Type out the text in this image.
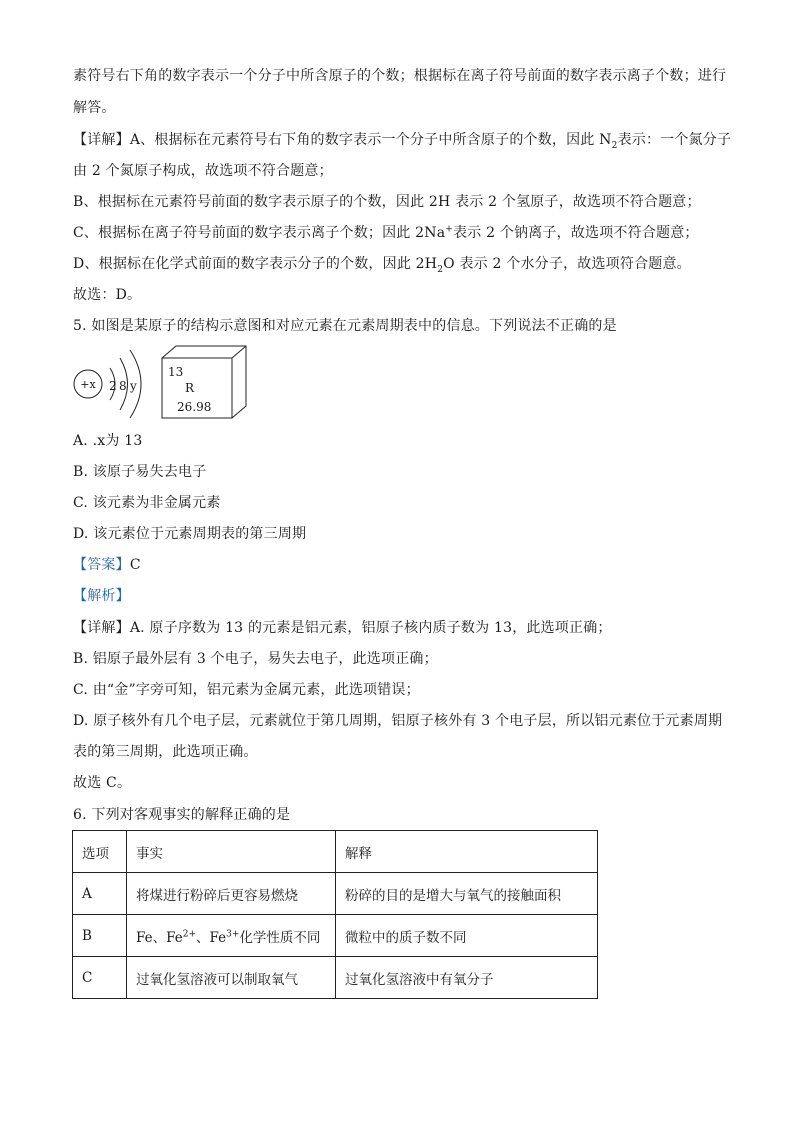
素符号右下角的数字表示一个分子中所含原子的个数；根据标在离子符号前面的数字表示离子个数；进行
解答。
【详解】A、根据标在元素符号右下角的数字表示一个分子中所含原子的个数，因此 $N_2$表示：一个氮分子
由 2 个氮原子构成，故选项不符合题意；
B、根据标在元素符号前面的数字表示原子的个数，因此 2H 表示 2 个氢原子，故选项不符合题意；
C、根据标在离子符号前面的数字表示离子个数；因此 2Na+表示 2 个钠离子，故选项不符合题意；
D、根据标在化学式前面的数字表示分子的个数，因此 $2H_2O$ 表示 2 个水分子，故选项符合题意。
故选：D。
5. 如图是某原子的结构示意图和对应元素在元素周期表中的信息。下列说法不正确的是
+x 2 8 y
13
R
26.98
A. .x为 13
B. 该原子易失去电子
C. 该元素为非金属元素
D. 该元素位于元素周期表的第三周期
【答案】C
【解析】
【详解】A. 原子序数为 13 的元素是铝元素，铝原子核内质子数为 13，此选项正确；
B. 铝原子最外层有 3 个电子，易失去电子，此选项正确；
C. 由“金”字旁可知，铝元素为金属元素，此选项错误；
D. 原子核外有几个电子层，元素就位于第几周期，铝原子核外有 3 个电子层，所以铝元素位于元素周期
表的第三周期，此选项正确。
故选 C。
6. 下列对客观事实的解释正确的是
选项	事实	解释
A	将煤进行粉碎后更容易燃烧	粉碎的目的是增大与氧气的接触面积
B	Fe、$Fe^{2+}$、$Fe^{3+}$化学性质不同	微粒中的质子数不同
C	过氧化氢溶液可以制取氧气	过氧化氢溶液中有氧分子
